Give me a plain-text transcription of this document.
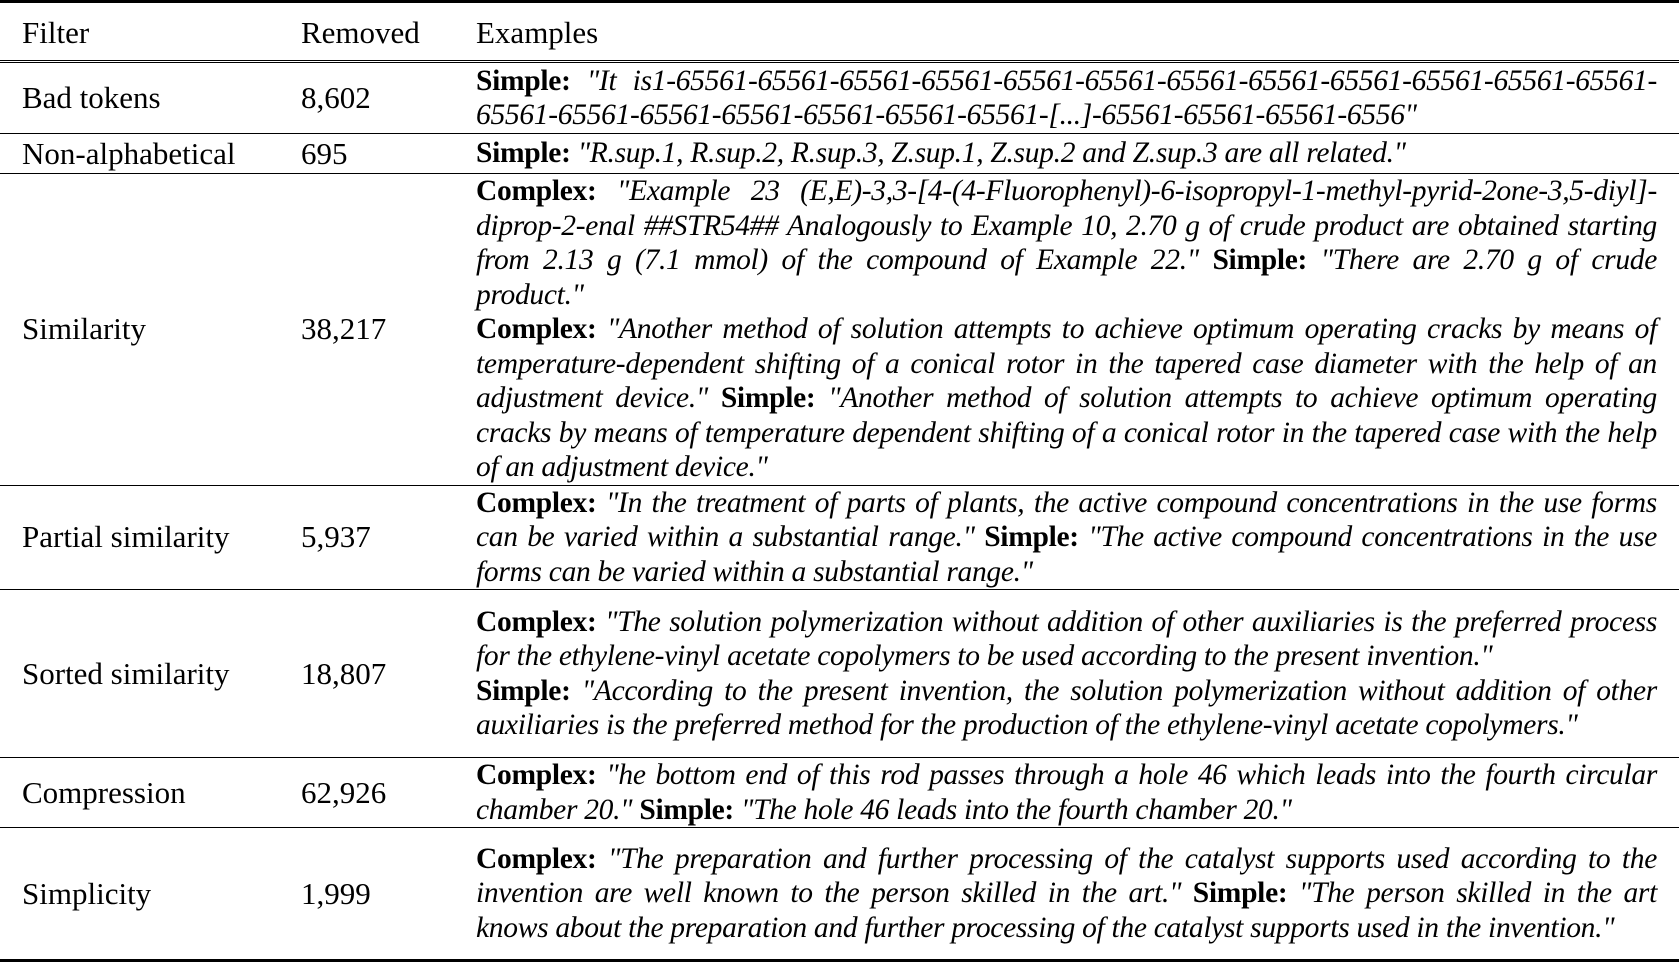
Filter	Removed	Examples
Bad tokens	8,602	Simple: "It is1-65561-65561-65561-65561-65561-65561-65561-65561-65561-65561-65561-65561-65561-65561-65561-65561-65561-65561-65561-[...]-65561-65561-65561-6556"

Non-alphabetical	695	Simple: "R.sup.1, R.sup.2, R.sup.3, Z.sup.1, Z.sup.2 and Z.sup.3 are all related."

Similarity	38,217	Complex: "Example 23 (E,E)-3,3-[4-(4-Fluorophenyl)-6-isopropyl-1-methyl-pyrid-2one-3,5-diyl]-diprop-2-enal ##STR54## Analogously to Example 10, 2.70 g of crude product are obtained starting from 2.13 g (7.1 mmol) of the compound of Example 22." Simple: "There are 2.70 g of crude product."
Complex: "Another method of solution attempts to achieve optimum operating cracks by means of temperature-dependent shifting of a conical rotor in the tapered case diameter with the help of an adjustment device." Simple: "Another method of solution attempts to achieve optimum operating cracks by means of temperature dependent shifting of a conical rotor in the tapered case with the help of an adjustment device."

Partial similarity	5,937	Complex: "In the treatment of parts of plants, the active compound concentrations in the use forms can be varied within a substantial range." Simple: "The active compound concentrations in the use forms can be varied within a substantial range."

Sorted similarity	18,807	Complex: "The solution polymerization without addition of other auxiliaries is the preferred process for the ethylene-vinyl acetate copolymers to be used according to the present invention."
Simple: "According to the present invention, the solution polymerization without addition of other auxiliaries is the preferred method for the production of the ethylene-vinyl acetate copolymers."

Compression	62,926	Complex: "he bottom end of this rod passes through a hole 46 which leads into the fourth circular chamber 20." Simple: "The hole 46 leads into the fourth chamber 20."

Simplicity	1,999	Complex: "The preparation and further processing of the catalyst supports used according to the invention are well known to the person skilled in the art." Simple: "The person skilled in the art knows about the preparation and further processing of the catalyst supports used in the invention."
